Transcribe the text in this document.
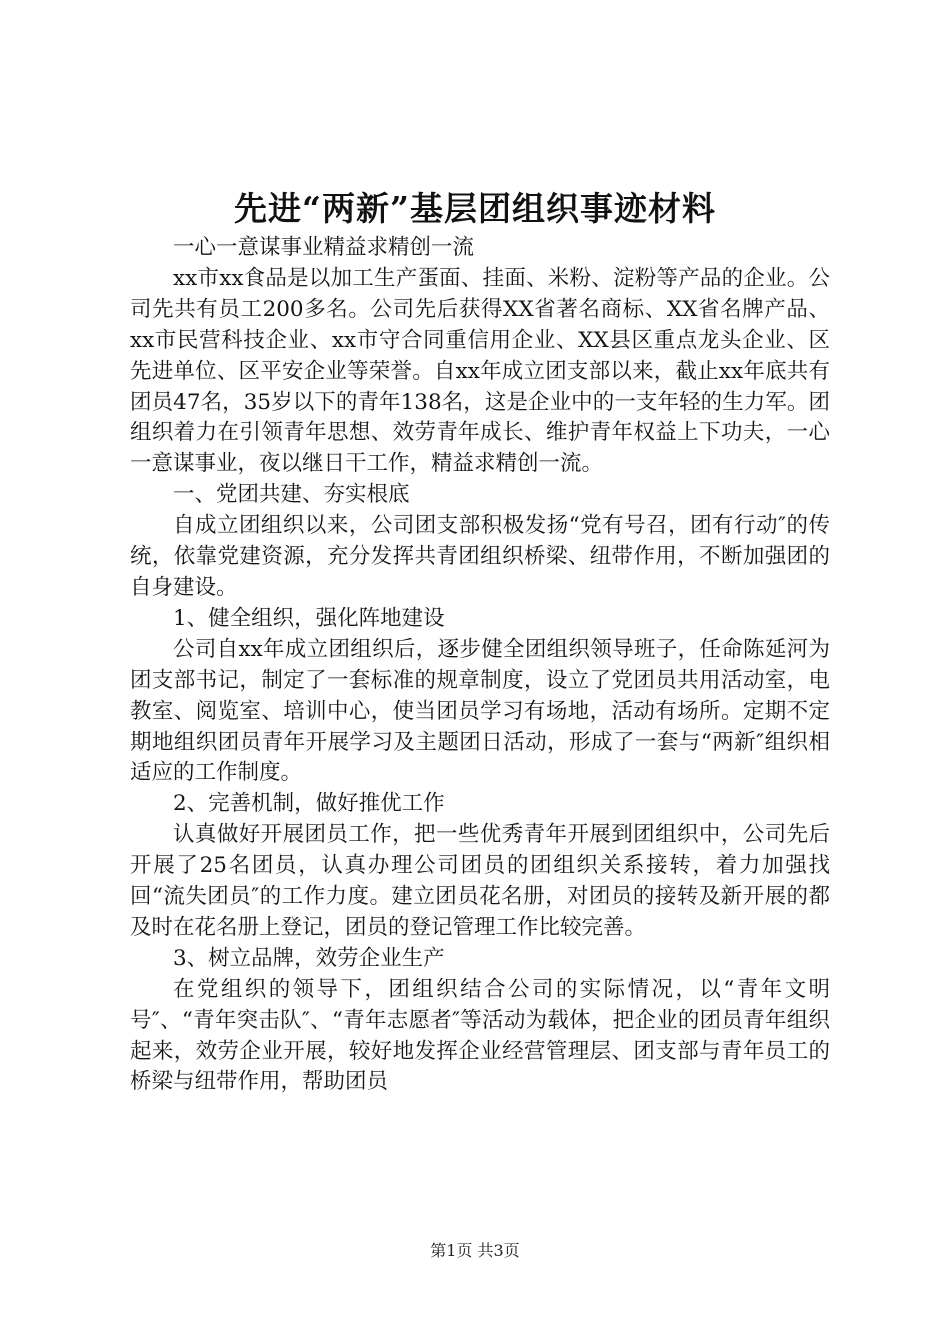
先进“两新”基层团组织事迹材料

一心一意谋事业精益求精创一流

xx市xx食品是以加工生产蛋面、挂面、米粉、淀粉等产品的企业。公司先共有员工200多名。公司先后获得XX省著名商标、XX省名牌产品、xx市民营科技企业、xx市守合同重信用企业、XX县区重点龙头企业、区先进单位、区平安企业等荣誉。自xx年成立团支部以来，截止xx年底共有团员47名，35岁以下的青年138名，这是企业中的一支年轻的生力军。团组织着力在引领青年思想、效劳青年成长、维护青年权益上下功夫，一心一意谋事业，夜以继日干工作，精益求精创一流。

一、党团共建、夯实根底

自成立团组织以来，公司团支部积极发扬“党有号召，团有行动″的传统，依靠党建资源，充分发挥共青团组织桥梁、纽带作用，不断加强团的自身建设。

1、健全组织，强化阵地建设

公司自xx年成立团组织后，逐步健全团组织领导班子，任命陈延河为团支部书记，制定了一套标准的规章制度，设立了党团员共用活动室，电教室、阅览室、培训中心，使当团员学习有场地，活动有场所。定期不定期地组织团员青年开展学习及主题团日活动，形成了一套与“两新″组织相适应的工作制度。

2、完善机制，做好推优工作

认真做好开展团员工作，把一些优秀青年开展到团组织中，公司先后开展了25名团员，认真办理公司团员的团组织关系接转，着力加强找回“流失团员″的工作力度。建立团员花名册，对团员的接转及新开展的都及时在花名册上登记，团员的登记管理工作比较完善。

3、树立品牌，效劳企业生产

在党组织的领导下，团组织结合公司的实际情况，以“青年文明号″、“青年突击队″、“青年志愿者″等活动为载体，把企业的团员青年组织起来，效劳企业开展，较好地发挥企业经营管理层、团支部与青年员工的桥梁与纽带作用，帮助团员

第1页 共3页
